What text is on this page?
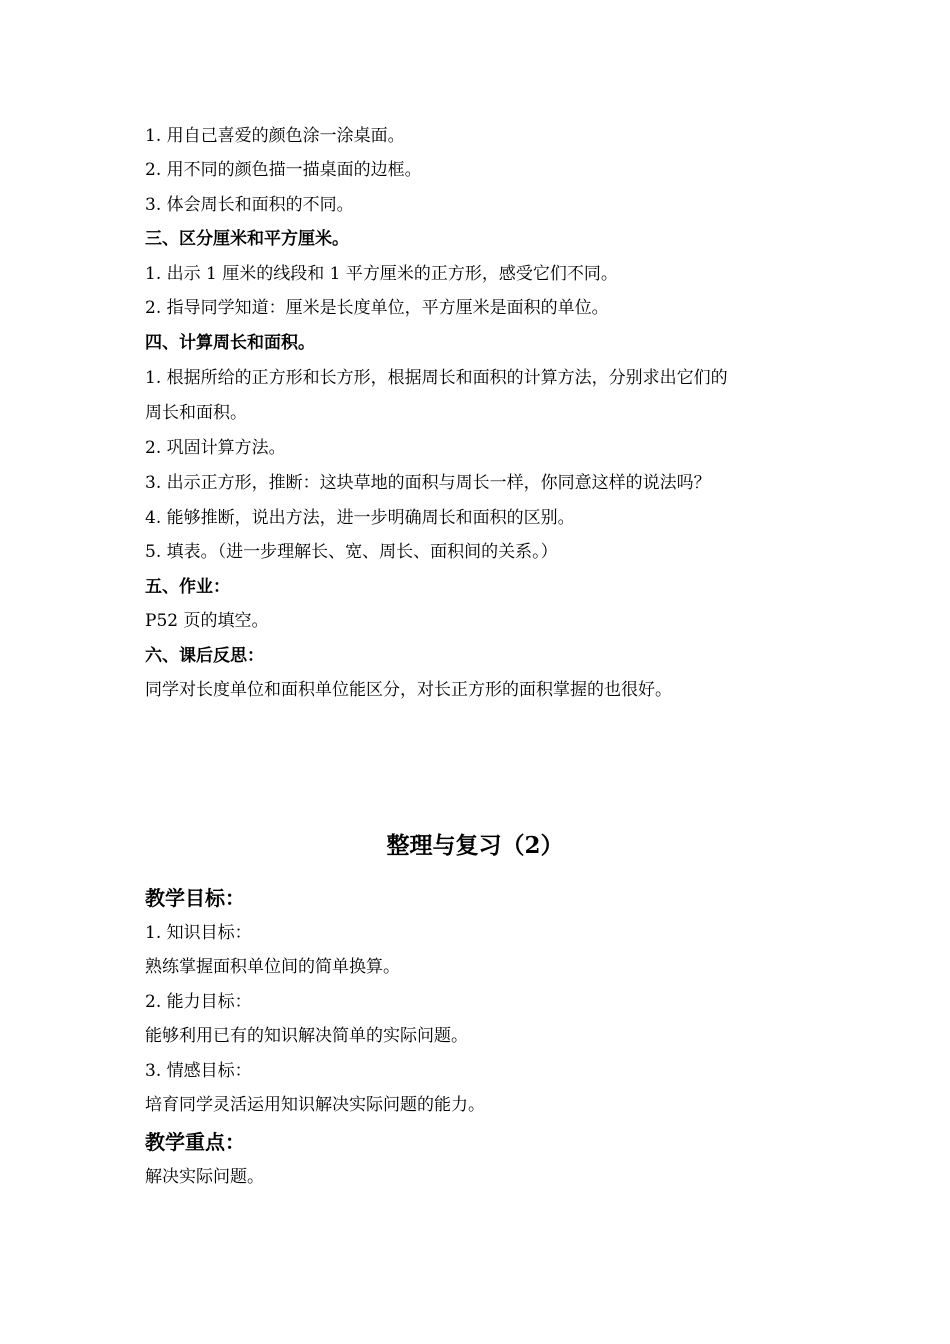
1. 用自己喜爱的颜色涂一涂桌面。
2. 用不同的颜色描一描桌面的边框。
3. 体会周长和面积的不同。
三、区分厘米和平方厘米。
1. 出示 1 厘米的线段和 1 平方厘米的正方形，感受它们不同。
2. 指导同学知道：厘米是长度单位，平方厘米是面积的单位。
四、计算周长和面积。
1. 根据所给的正方形和长方形，根据周长和面积的计算方法，分别求出它们的
周长和面积。
2. 巩固计算方法。
3. 出示正方形，推断：这块草地的面积与周长一样，你同意这样的说法吗？
4. 能够推断，说出方法，进一步明确周长和面积的区别。
5. 填表。（进一步理解长、宽、周长、面积间的关系。）
五、作业：
P52 页的填空。
六、课后反思：
同学对长度单位和面积单位能区分，对长正方形的面积掌握的也很好。
整理与复习（2）
教学目标：
1. 知识目标：
熟练掌握面积单位间的简单换算。
2. 能力目标：
能够利用已有的知识解决简单的实际问题。
3. 情感目标：
培育同学灵活运用知识解决实际问题的能力。
教学重点：
解决实际问题。
